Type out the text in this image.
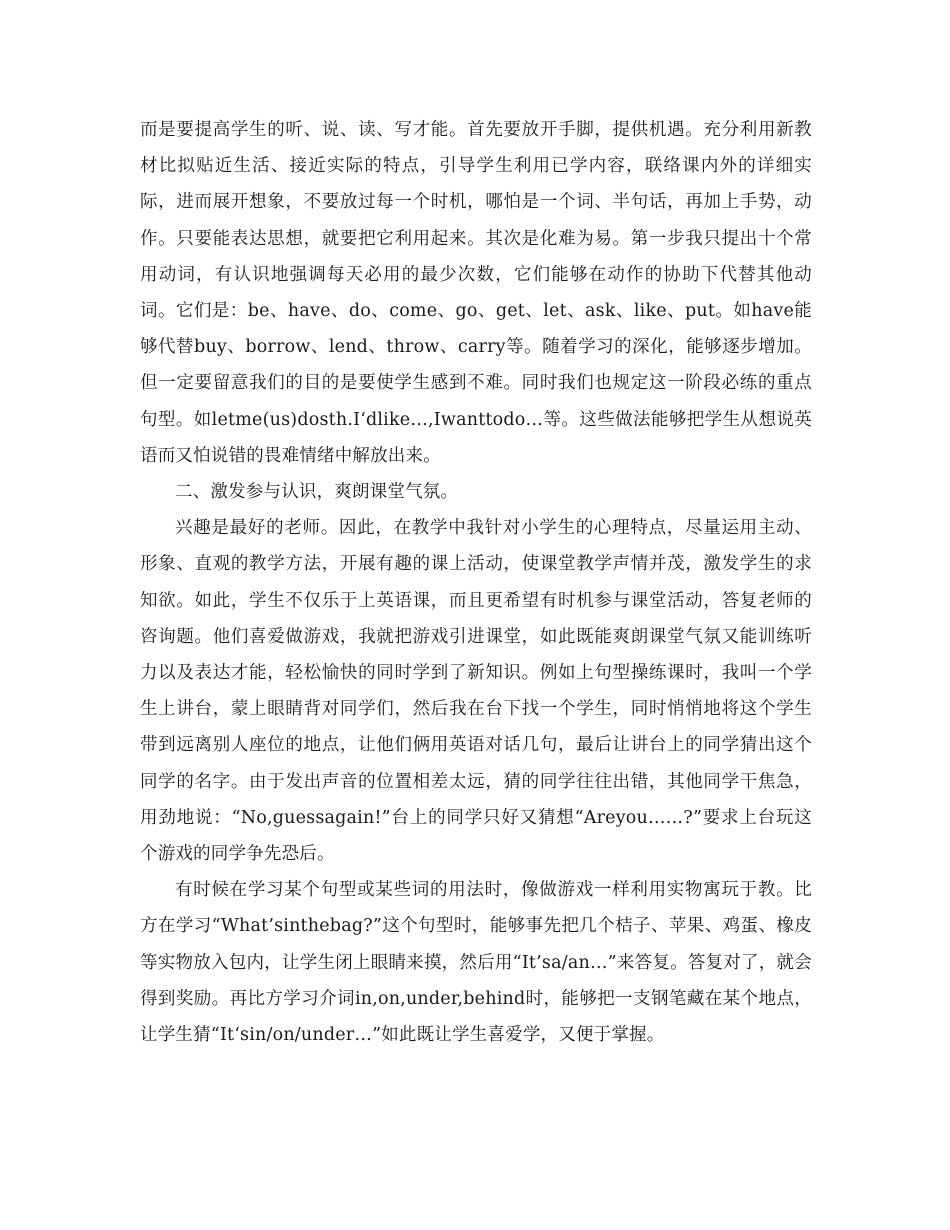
而是要提高学生的听、说、读、写才能。首先要放开手脚，提供机遇。充分利用新教材比拟贴近生活、接近实际的特点，引导学生利用已学内容，联络课内外的详细实际，进而展开想象，不要放过每一个时机，哪怕是一个词、半句话，再加上手势，动作。只要能表达思想，就要把它利用起来。其次是化难为易。第一步我只提出十个常用动词，有认识地强调每天必用的最少次数，它们能够在动作的协助下代替其他动词。它们是：be、have、do、come、go、get、let、ask、like、put。如have能够代替buy、borrow、lend、throw、carry等。随着学习的深化，能够逐步增加。但一定要留意我们的目的是要使学生感到不难。同时我们也规定这一阶段必练的重点句型。如letme(us)dosth.I‘dlike…,Iwanttodo…等。这些做法能够把学生从想说英语而又怕说错的畏难情绪中解放出来。

二、激发参与认识，爽朗课堂气氛。

兴趣是最好的老师。因此，在教学中我针对小学生的心理特点，尽量运用主动、形象、直观的教学方法，开展有趣的课上活动，使课堂教学声情并茂，激发学生的求知欲。如此，学生不仅乐于上英语课，而且更希望有时机参与课堂活动，答复老师的咨询题。他们喜爱做游戏，我就把游戏引进课堂，如此既能爽朗课堂气氛又能训练听力以及表达才能，轻松愉快的同时学到了新知识。例如上句型操练课时，我叫一个学生上讲台，蒙上眼睛背对同学们，然后我在台下找一个学生，同时悄悄地将这个学生带到远离别人座位的地点，让他们俩用英语对话几句，最后让讲台上的同学猜出这个同学的名字。由于发出声音的位置相差太远，猜的同学往往出错，其他同学干焦急，用劲地说：“No,guessagain!”台上的同学只好又猜想“Areyou……?”要求上台玩这个游戏的同学争先恐后。

有时候在学习某个句型或某些词的用法时，像做游戏一样利用实物寓玩于教。比方在学习“What’sinthebag?”这个句型时，能够事先把几个桔子、苹果、鸡蛋、橡皮等实物放入包内，让学生闭上眼睛来摸，然后用“It’sa/an…”来答复。答复对了，就会得到奖励。再比方学习介词in,on,under,behind时，能够把一支钢笔藏在某个地点，让学生猜“It‘sin/on/under…”如此既让学生喜爱学，又便于掌握。
